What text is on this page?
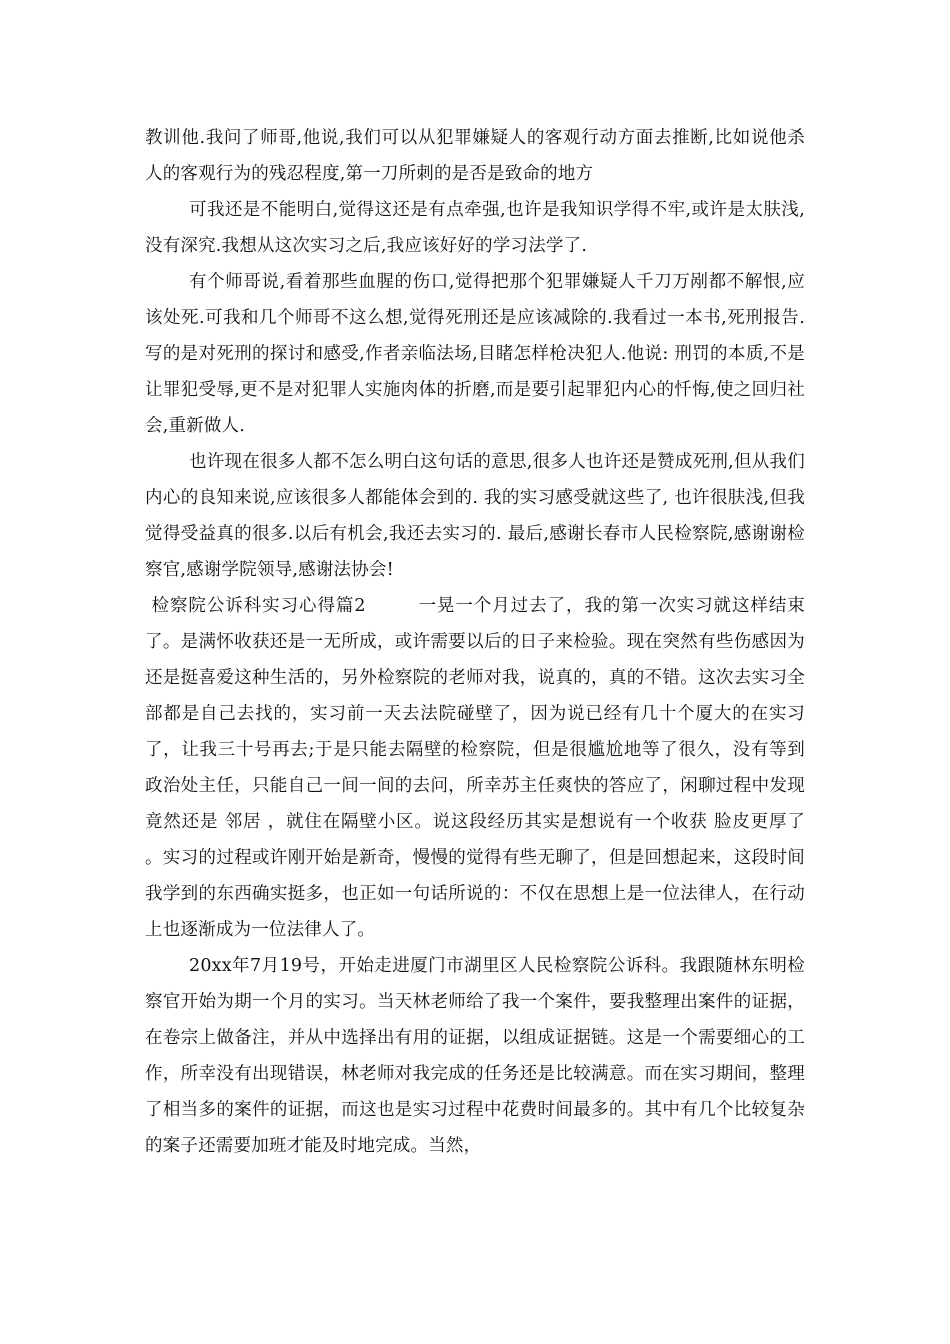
教训他.我问了师哥,他说,我们可以从犯罪嫌疑人的客观行动方面去推断,比如说他杀人的客观行为的残忍程度,第一刀所刺的是否是致命的地方

可我还是不能明白,觉得这还是有点牵强,也许是我知识学得不牢,或许是太肤浅,没有深究.我想从这次实习之后,我应该好好的学习法学了.

有个师哥说,看着那些血腥的伤口,觉得把那个犯罪嫌疑人千刀万剐都不解恨,应该处死.可我和几个师哥不这么想,觉得死刑还是应该减除的.我看过一本书,死刑报告.写的是对死刑的探讨和感受,作者亲临法场,目睹怎样枪决犯人.他说: 刑罚的本质,不是让罪犯受辱,更不是对犯罪人实施肉体的折磨,而是要引起罪犯内心的忏悔,使之回归社会,重新做人.

也许现在很多人都不怎么明白这句话的意思,很多人也许还是赞成死刑,但从我们内心的良知来说,应该很多人都能体会到的. 我的实习感受就这些了, 也许很肤浅,但我觉得受益真的很多.以后有机会,我还去实习的. 最后,感谢长春市人民检察院,感谢谢检察官,感谢学院领导,感谢法协会!

检察院公诉科实习心得篇2	一晃一个月过去了，我的第一次实习就这样结束了。是满怀收获还是一无所成，或许需要以后的日子来检验。现在突然有些伤感因为还是挺喜爱这种生活的，另外检察院的老师对我，说真的，真的不错。这次去实习全部都是自己去找的，实习前一天去法院碰壁了，因为说已经有几十个厦大的在实习了，让我三十号再去;于是只能去隔壁的检察院，但是很尴尬地等了很久，没有等到政治处主任，只能自己一间一间的去问，所幸苏主任爽快的答应了，闲聊过程中发现竟然还是 邻居 ，就住在隔壁小区。说这段经历其实是想说有一个收获 脸皮更厚了 。实习的过程或许刚开始是新奇，慢慢的觉得有些无聊了，但是回想起来，这段时间我学到的东西确实挺多，也正如一句话所说的：不仅在思想上是一位法律人，在行动上也逐渐成为一位法律人了。

20xx年7月19号，开始走进厦门市湖里区人民检察院公诉科。我跟随林东明检察官开始为期一个月的实习。当天林老师给了我一个案件，要我整理出案件的证据，在卷宗上做备注，并从中选择出有用的证据，以组成证据链。这是一个需要细心的工作，所幸没有出现错误，林老师对我完成的任务还是比较满意。而在实习期间，整理了相当多的案件的证据，而这也是实习过程中花费时间最多的。其中有几个比较复杂的案子还需要加班才能及时地完成。当然，
